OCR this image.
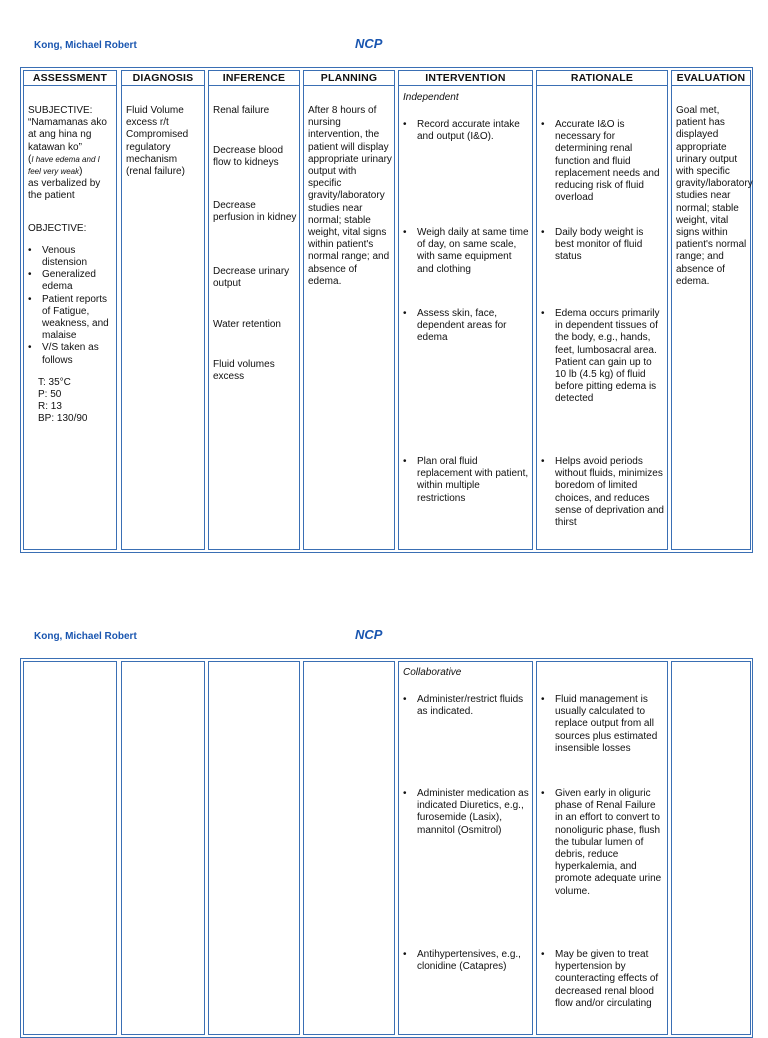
Kong, Michael Robert	NCP
ASSESSMENT

SUBJECTIVE:

“Namamanas ako at ang hina ng katawan ko”

(I have edema and I feel very weak)

as verbalized by the patient

OBJECTIVE:

• Venous distension

• Generalized edema

• Patient reports of Fatigue, weakness, and malaise

• V/S taken as follows

T: 35°C

P: 50

R: 13

BP: 130/90

DIAGNOSIS
Fluid Volume excess r/t Compromised regulatory mechanism (renal failure)
INFERENCE
Renal failure
Decrease blood flow to kidneys
Decrease perfusion in kidney
Decrease urinary output
Water retention
Fluid volumes excess
PLANNING
After 8 hours of nursing intervention, the patient will display appropriate urinary output with specific gravity/laboratory studies near normal; stable weight, vital signs within patient's normal range; and absence of edema.
INTERVENTION
Independent

• Record accurate intake and output (I&O).

• Weigh daily at same time of day, on same scale, with same equipment and clothing

• Assess skin, face, dependent areas for edema

• Plan oral fluid replacement with patient, within multiple restrictions

RATIONALE

• Accurate I&O is necessary for determining renal function and fluid replacement needs and reducing risk of fluid overload

• Daily body weight is best monitor of fluid status

• Edema occurs primarily in dependent tissues of the body, e.g., hands, feet, lumbosacral area. Patient can gain up to 10 lb (4.5 kg) of fluid before pitting edema is detected

• Helps avoid periods without fluids, minimizes boredom of limited choices, and reduces sense of deprivation and thirst

EVALUATION
Goal met, patient has displayed appropriate urinary output with specific gravity/laboratory studies near normal; stable weight, vital signs within patient's normal range; and absence of edema.
Kong, Michael Robert	NCP
Collaborative

• Administer/restrict fluids as indicated.

• Administer medication as indicated Diuretics, e.g., furosemide (Lasix), mannitol (Osmitrol)

• Antihypertensives, e.g., clonidine (Catapres)

• Fluid management is usually calculated to replace output from all sources plus estimated insensible losses

• Given early in oliguric phase of Renal Failure in an effort to convert to nonoliguric phase, flush the tubular lumen of debris, reduce hyperkalemia, and promote adequate urine volume.

• May be given to treat hypertension by counteracting effects of decreased renal blood flow and/or circulating
